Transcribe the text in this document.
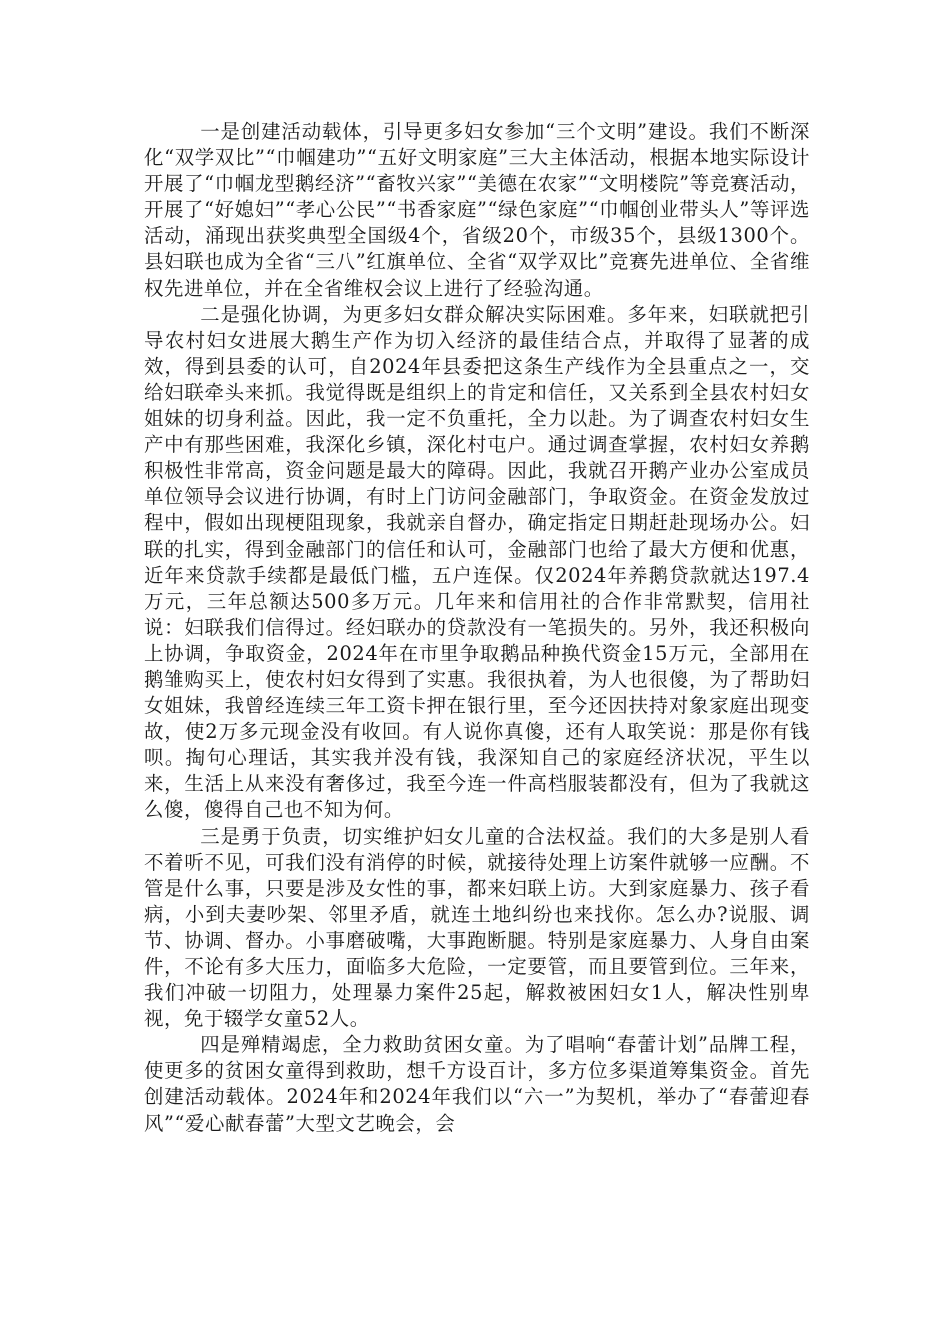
一是创建活动载体，引导更多妇女参加“三个文明”建设。我们不断深化“双学双比”“巾帼建功”“五好文明家庭”三大主体活动，根据本地实际设计开展了“巾帼龙型鹅经济”“畜牧兴家”“美德在农家”“文明楼院”等竞赛活动，开展了“好媳妇”“孝心公民”“书香家庭”“绿色家庭”“巾帼创业带头人”等评选活动，涌现出获奖典型全国级4个，省级20个，市级35个，县级1300个。县妇联也成为全省“三八”红旗单位、全省“双学双比”竞赛先进单位、全省维权先进单位，并在全省维权会议上进行了经验沟通。

二是强化协调，为更多妇女群众解决实际困难。多年来，妇联就把引导农村妇女进展大鹅生产作为切入经济的最佳结合点，并取得了显著的成效，得到县委的认可，自2024年县委把这条生产线作为全县重点之一，交给妇联牵头来抓。我觉得既是组织上的肯定和信任，又关系到全县农村妇女姐妹的切身利益。因此，我一定不负重托，全力以赴。为了调查农村妇女生产中有那些困难，我深化乡镇，深化村屯户。通过调查掌握，农村妇女养鹅积极性非常高，资金问题是最大的障碍。因此，我就召开鹅产业办公室成员单位领导会议进行协调，有时上门访问金融部门，争取资金。在资金发放过程中，假如出现梗阻现象，我就亲自督办，确定指定日期赶赴现场办公。妇联的扎实，得到金融部门的信任和认可，金融部门也给了最大方便和优惠，近年来贷款手续都是最低门槛，五户连保。仅2024年养鹅贷款就达197.4万元，三年总额达500多万元。几年来和信用社的合作非常默契，信用社说：妇联我们信得过。经妇联办的贷款没有一笔损失的。另外，我还积极向上协调，争取资金，2024年在市里争取鹅品种换代资金15万元，全部用在鹅雏购买上，使农村妇女得到了实惠。我很执着，为人也很傻，为了帮助妇女姐妹，我曾经连续三年工资卡押在银行里，至今还因扶持对象家庭出现变故，使2万多元现金没有收回。有人说你真傻，还有人取笑说：那是你有钱呗。掏句心理话，其实我并没有钱，我深知自己的家庭经济状况，平生以来，生活上从来没有奢侈过，我至今连一件高档服装都没有，但为了我就这么傻，傻得自己也不知为何。

三是勇于负责，切实维护妇女儿童的合法权益。我们的大多是别人看不着听不见，可我们没有消停的时候，就接待处理上访案件就够一应酬。不管是什么事，只要是涉及女性的事，都来妇联上访。大到家庭暴力、孩子看病，小到夫妻吵架、邻里矛盾，就连土地纠纷也来找你。怎么办?说服、调节、协调、督办。小事磨破嘴，大事跑断腿。特别是家庭暴力、人身自由案件，不论有多大压力，面临多大危险，一定要管，而且要管到位。三年来，我们冲破一切阻力，处理暴力案件25起，解救被困妇女1人，解决性别卑视，免于辍学女童52人。

四是殚精竭虑，全力救助贫困女童。为了唱响“春蕾计划”品牌工程，使更多的贫困女童得到救助，想千方设百计，多方位多渠道筹集资金。首先创建活动载体。2024年和2024年我们以“六一”为契机，举办了“春蕾迎春风”“爱心献春蕾”大型文艺晚会，会
